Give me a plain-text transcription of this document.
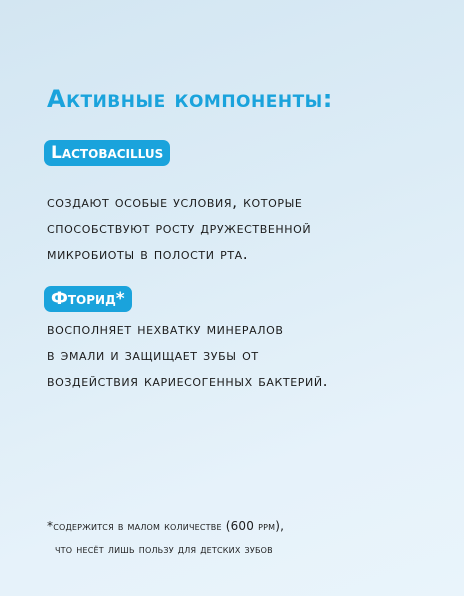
Активные компоненты:
Lactobacillus

создают особые условия, которые
способствуют росту дружественной
микробиоты в полости рта.

Фторид*

восполняет нехватку минералов
в эмали и защищает зубы от
воздействия кариесогенных бактерий.

*содержится в малом количестве (600 ppm),
что несёт лишь пользу для детских зубов
